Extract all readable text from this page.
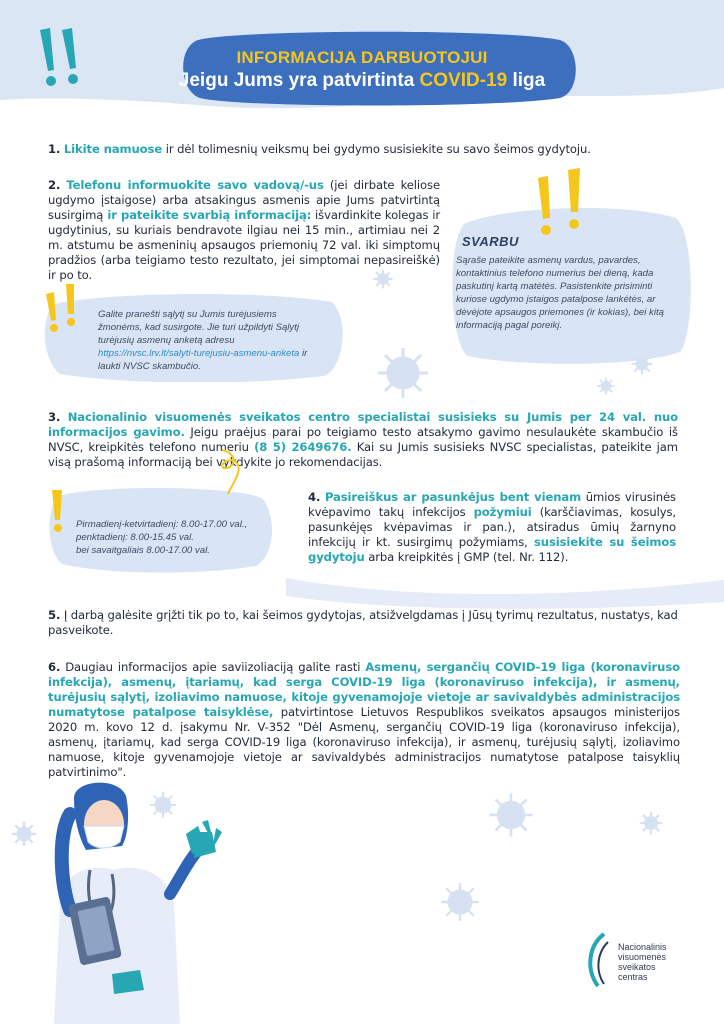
INFORMACIJA DARBUOTOJUI
Jeigu Jums yra patvirtinta COVID-19 liga
1. Likite namuose ir dėl tolimesnių veiksmų bei gydymo susisiekite su savo šeimos gydytoju.
2. Telefonu informuokite savo vadovą/-us (jei dirbate keliose ugdymo įstaigose) arba atsakingus asmenis apie Jums patvirtintą susirgimą ir pateikite svarbią informaciją: išvardinkite kolegas ir ugdytinius, su kuriais bendravote ilgiau nei 15 min., artimiau nei 2 m. atstumu be asmeninių apsaugos priemonių 72 val. iki simptomų pradžios (arba teigiamo testo rezultato, jei simptomai nepasireiškė) ir po to.
SVARBU
Sąraše pateikite asmenų vardus, pavardes, kontaktinius telefono numerius bei dieną, kada paskutinį kartą matėtės. Pasistenkite prisiminti kuriose ugdymo įstaigos patalpose lankėtės, ar dėvėjote apsaugos priemones (ir kokias), bei kitą informaciją pagal poreikį.
Galite pranešti sąlytį su Jumis turėjusiems žmonėms, kad susirgote. Jie turi užpildyti Sąlytį turėjusių asmenų anketą adresu https://nvsc.lrv.lt/salyti-turejusiu-asmenu-anketa ir laukti NVSC skambučio.
3. Nacionalinio visuomenės sveikatos centro specialistai susisieks su Jumis per 24 val. nuo informacijos gavimo. Jeigu praėjus parai po teigiamo testo atsakymo gavimo nesulaukėte skambučio iš NVSC, kreipkitės telefono numeriu (8 5) 2649676. Kai su Jumis susisieks NVSC specialistas, pateikite jam visą prašomą informaciją bei vykdykite jo rekomendacijas.
Pirmadienį-ketvirtadienį: 8.00-17.00 val.,
penktadienį: 8.00-15.45 val.
bei savaitgaliais 8.00-17.00 val.
4. Pasireiškus ar pasunkėjus bent vienam ūmios virusinės kvėpavimo takų infekcijos požymiui (karščiavimas, kosulys, pasunkėjęs kvėpavimas ir pan.), atsiradus ūmių žarnyno infekcijų ir kt. susirgimų požymiams, susisiekite su šeimos gydytoju arba kreipkitės į GMP (tel. Nr. 112).
5. Į darbą galėsite grįžti tik po to, kai šeimos gydytojas, atsižvelgdamas į Jūsų tyrimų rezultatus, nustatys, kad pasveikote.
6. Daugiau informacijos apie saviizoliaciją galite rasti Asmenų, sergančių COVID-19 liga (koronaviruso infekcija), asmenų, įtariamų, kad serga COVID-19 liga (koronaviruso infekcija), ir asmenų, turėjusių sąlytį, izoliavimo namuose, kitoje gyvenamojoje vietoje ar savivaldybės administracijos numatytose patalpose taisyklėse, patvirtintose Lietuvos Respublikos sveikatos apsaugos ministerijos 2020 m. kovo 12 d. įsakymu Nr. V-352 "Dėl Asmenų, sergančių COVID-19 liga (koronaviruso infekcija), asmenų, įtariamų, kad serga COVID-19 liga (koronaviruso infekcija), ir asmenų, turėjusių sąlytį, izoliavimo namuose, kitoje gyvenamojoje vietoje ar savivaldybės administracijos numatytose patalpose taisyklių patvirtinimo".
Nacionalinis
visuomenės
sveikatos
centras
